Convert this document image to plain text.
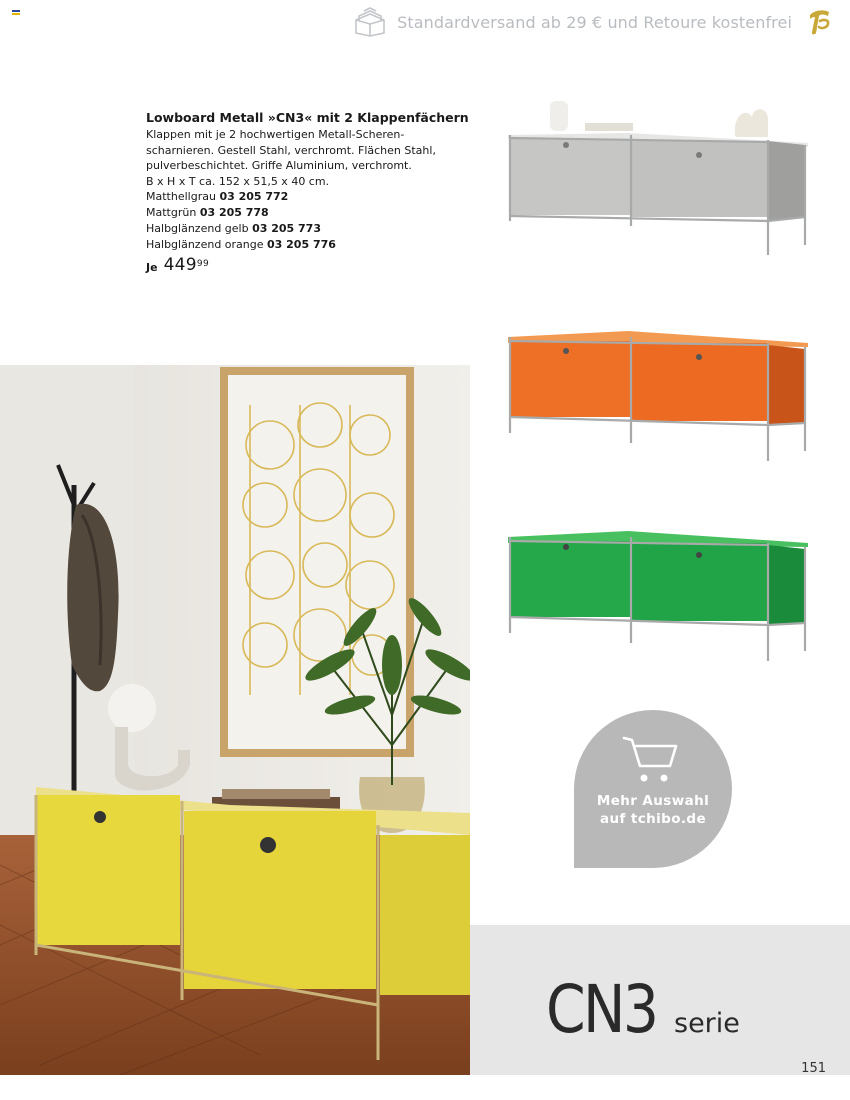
Standardversand ab 29 € und Retoure kostenfrei
Lowboard Metall »CN3« mit 2 Klappenfächern

Klappen mit je 2 hochwertigen Metall-Scheren-

scharnieren. Gestell Stahl, verchromt. Flächen Stahl,

pulverbeschichtet. Griffe Aluminium, verchromt.

B x H x T ca. 152 x 51,5 x 40 cm.

Matthellgrau 03 205 772
Mattgrün 03 205 778
Halbglänzend gelb 03 205 773
Halbglänzend orange 03 205 776
Je $449^{99}$
Mehr Auswahl
auf tchibo.de
CN3 serie
151
